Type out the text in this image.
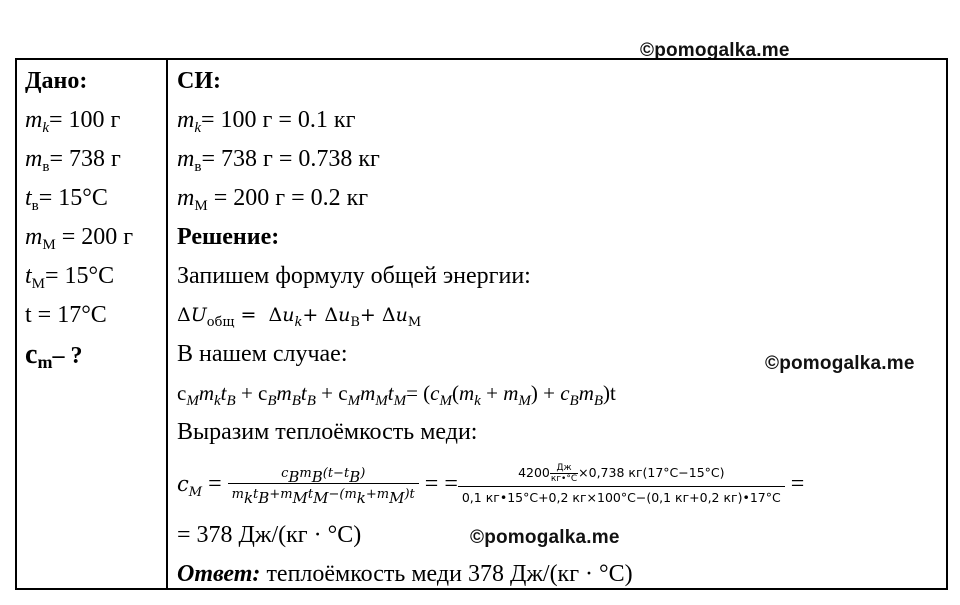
©pomogalka.me
©pomogalka.me
©pomogalka.me
Дано:
$m_k= 100$ г
$m_в= 738$ г
$t_в= 15^\circ C$
$m_М = 200$ г
$t_М= 15^\circ C$
t = 17°C
$c_m-$ ?
СИ:
$m_k= 100$ г = 0.1 кг
$m_в= 738$ г = 0.738 кг
$m_М = 200$ г = 0.2 кг
Решение:
Запишем формулу общей энергии:
$\Delta U_{общ} = \Delta u_k+ \Delta u_В+ \Delta u_М$
В нашем случае:
$c_Mm_kt_B + c_Bm_Bt_B + c_Mm_Mt_M= (c_M(m_k + m_M) + c_Bm_B)t$
Выразим теплоёмкость меди:
$c_M = \frac{c_Bm_B(t-t_B)}{m_kt_B+m_Mt_M-(m_k+m_M)t}$ = = $\frac{4200 \frac{Дж}{кг•^\circ C} \times 0,738 кг(17^\circ C-15^\circ C)}{0,1 кг•15^\circ C+0,2 кг\times 100^\circ C-(0,1 кг+0,2 кг)•17^\circ C}$ =
= 378 Дж/(кг · °C)
Ответ: теплоёмкость меди 378 Дж/(кг · °C)
